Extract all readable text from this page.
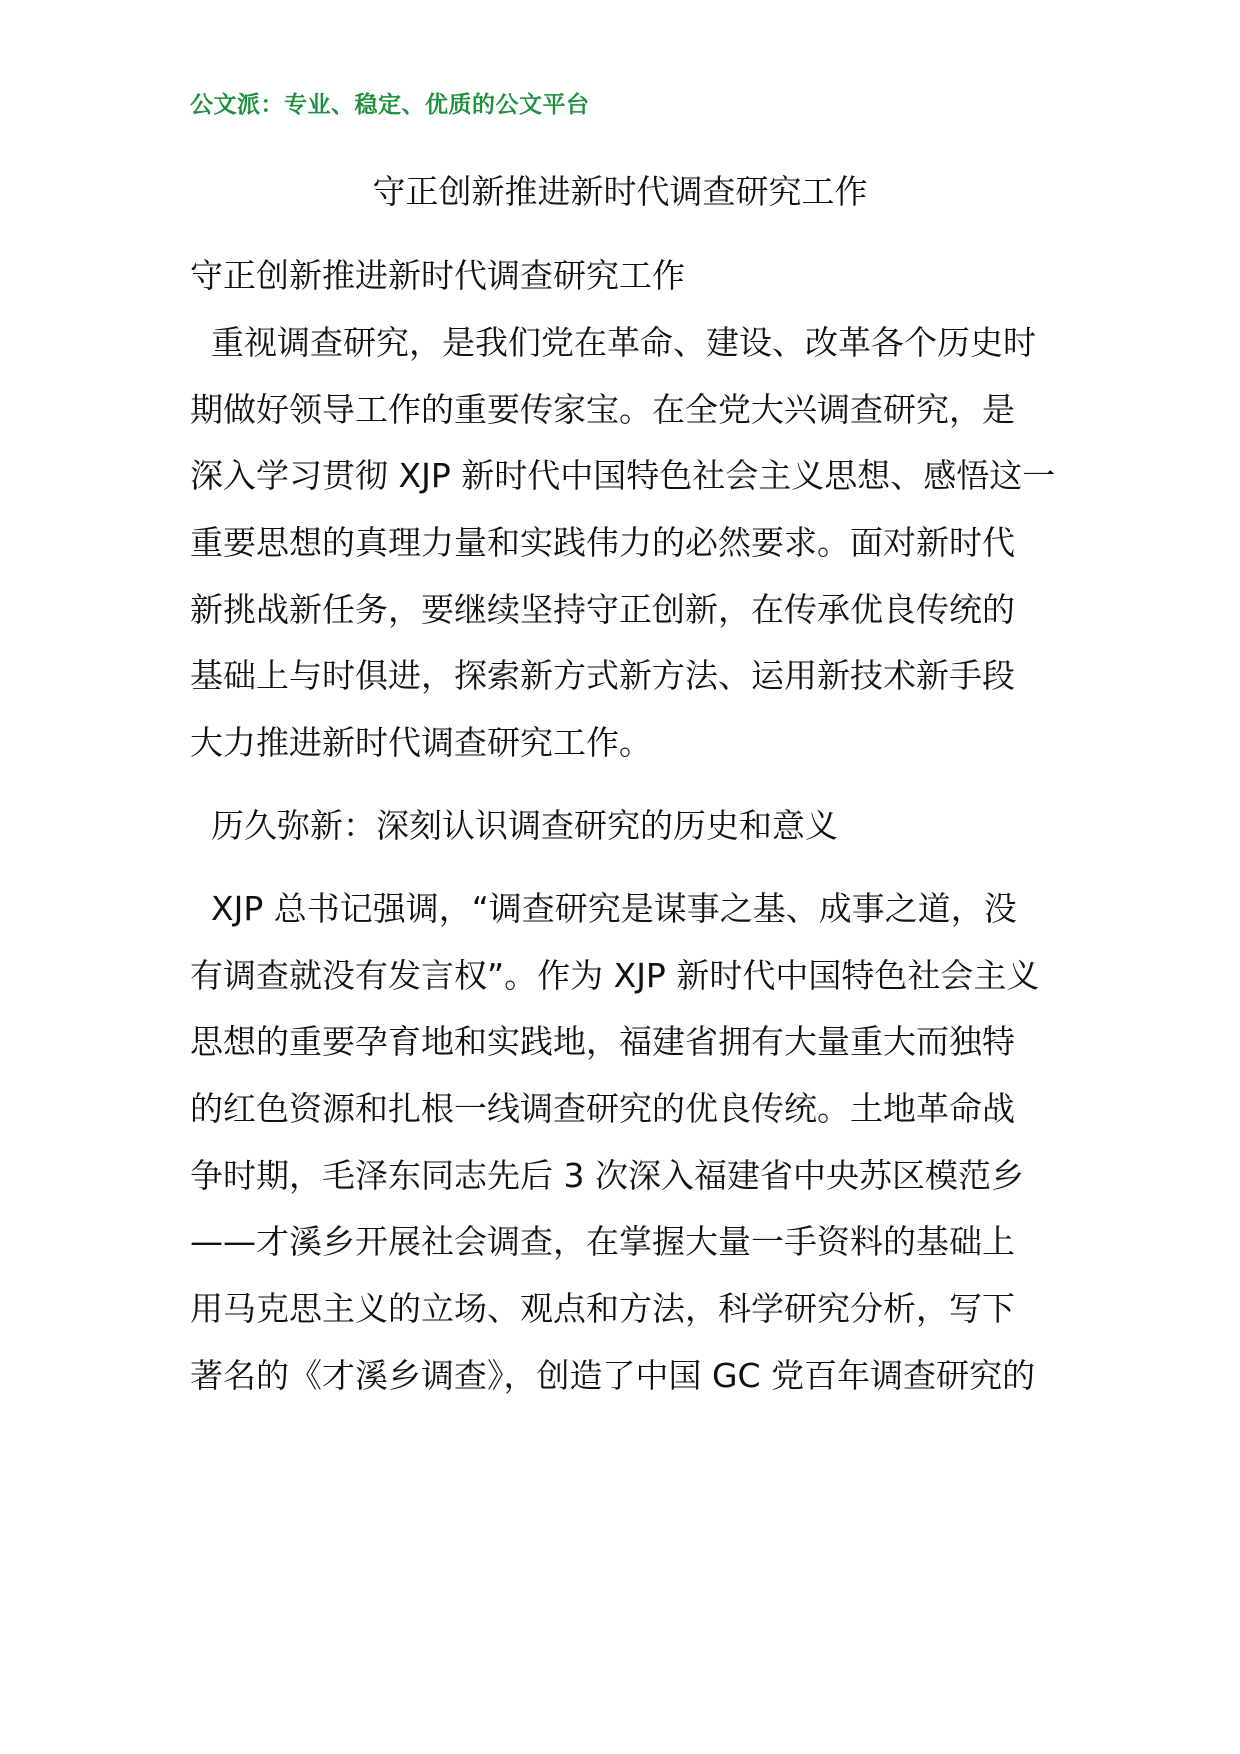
公文派：专业、稳定、优质的公文平台
守正创新推进新时代调查研究工作
守正创新推进新时代调查研究工作
重视调查研究，是我们党在革命、建设、改革各个历史时
期做好领导工作的重要传家宝。在全党大兴调查研究，是
深入学习贯彻 XJP 新时代中国特色社会主义思想、感悟这一
重要思想的真理力量和实践伟力的必然要求。面对新时代
新挑战新任务，要继续坚持守正创新，在传承优良传统的
基础上与时俱进，探索新方式新方法、运用新技术新手段
大力推进新时代调查研究工作。
历久弥新：深刻认识调查研究的历史和意义
XJP 总书记强调，“调查研究是谋事之基、成事之道，没
有调查就没有发言权”。作为 XJP 新时代中国特色社会主义
思想的重要孕育地和实践地，福建省拥有大量重大而独特
的红色资源和扎根一线调查研究的优良传统。土地革命战
争时期，毛泽东同志先后 3 次深入福建省中央苏区模范乡
——才溪乡开展社会调查，在掌握大量一手资料的基础上
用马克思主义的立场、观点和方法，科学研究分析，写下
著名的《才溪乡调查》，创造了中国 GC 党百年调查研究的
